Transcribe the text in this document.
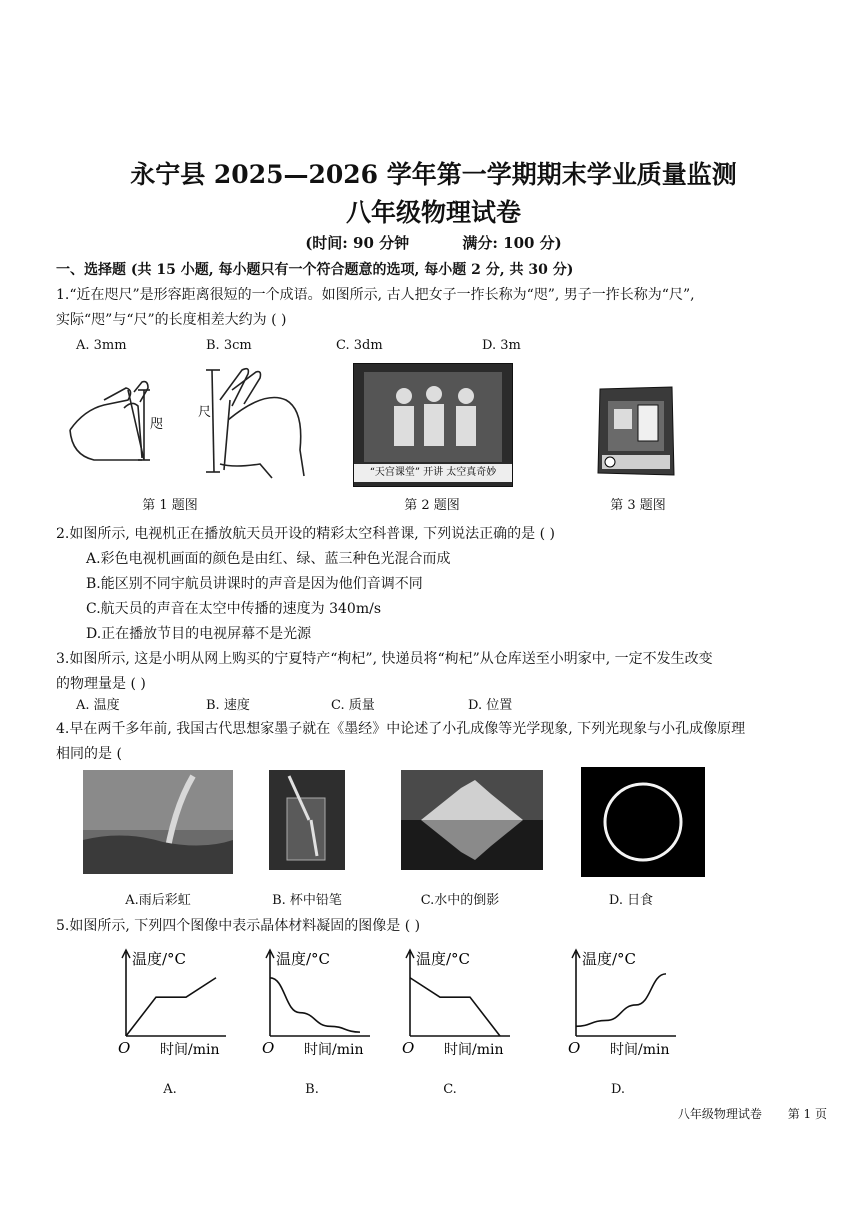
永宁县 2025—2026 学年第一学期期末学业质量监测
八年级物理试卷
(时间: 90 分钟	满分: 100 分)
一、选择题 (共 15 小题, 每小题只有一个符合题意的选项, 每小题 2 分, 共 30 分)
1.“近在咫尺”是形容距离很短的一个成语。如图所示, 古人把女子一拃长称为“咫”, 男子一拃长称为“尺”,
实际“咫”与“尺”的长度相差大约为 ( )
A. 3mm	B. 3cm	C. 3dm	D. 3m
咫
尺
第 1 题图
“天宫课堂” 开讲 太空真奇妙
第 2 题图	第 3 题图
2.如图所示, 电视机正在播放航天员开设的精彩太空科普课, 下列说法正确的是 ( )
A.彩色电视机画面的颜色是由红、绿、蓝三种色光混合而成
B.能区别不同宇航员讲课时的声音是因为他们音调不同
C.航天员的声音在太空中传播的速度为 340m/s
D.正在播放节目的电视屏幕不是光源
3.如图所示, 这是小明从网上购买的宁夏特产“枸杞”, 快递员将“枸杞”从仓库送至小明家中, 一定不发生改变
的物理量是 ( )
A. 温度	B. 速度	C. 质量	D. 位置
4.早在两千多年前, 我国古代思想家墨子就在《墨经》中论述了小孔成像等光学现象, 下列光现象与小孔成像原理
相同的是 (
A.雨后彩虹	B. 杯中铅笔	C.水中的倒影	D. 日食
5.如图所示, 下列四个图像中表示晶体材料凝固的图像是 ( )
温度/°C
时间/min
O
温度/°C
时间/min
O
温度/°C
时间/min
O
温度/°C
时间/min
O
A.	B.	C.	D.
八年级物理试卷 第 1 页
